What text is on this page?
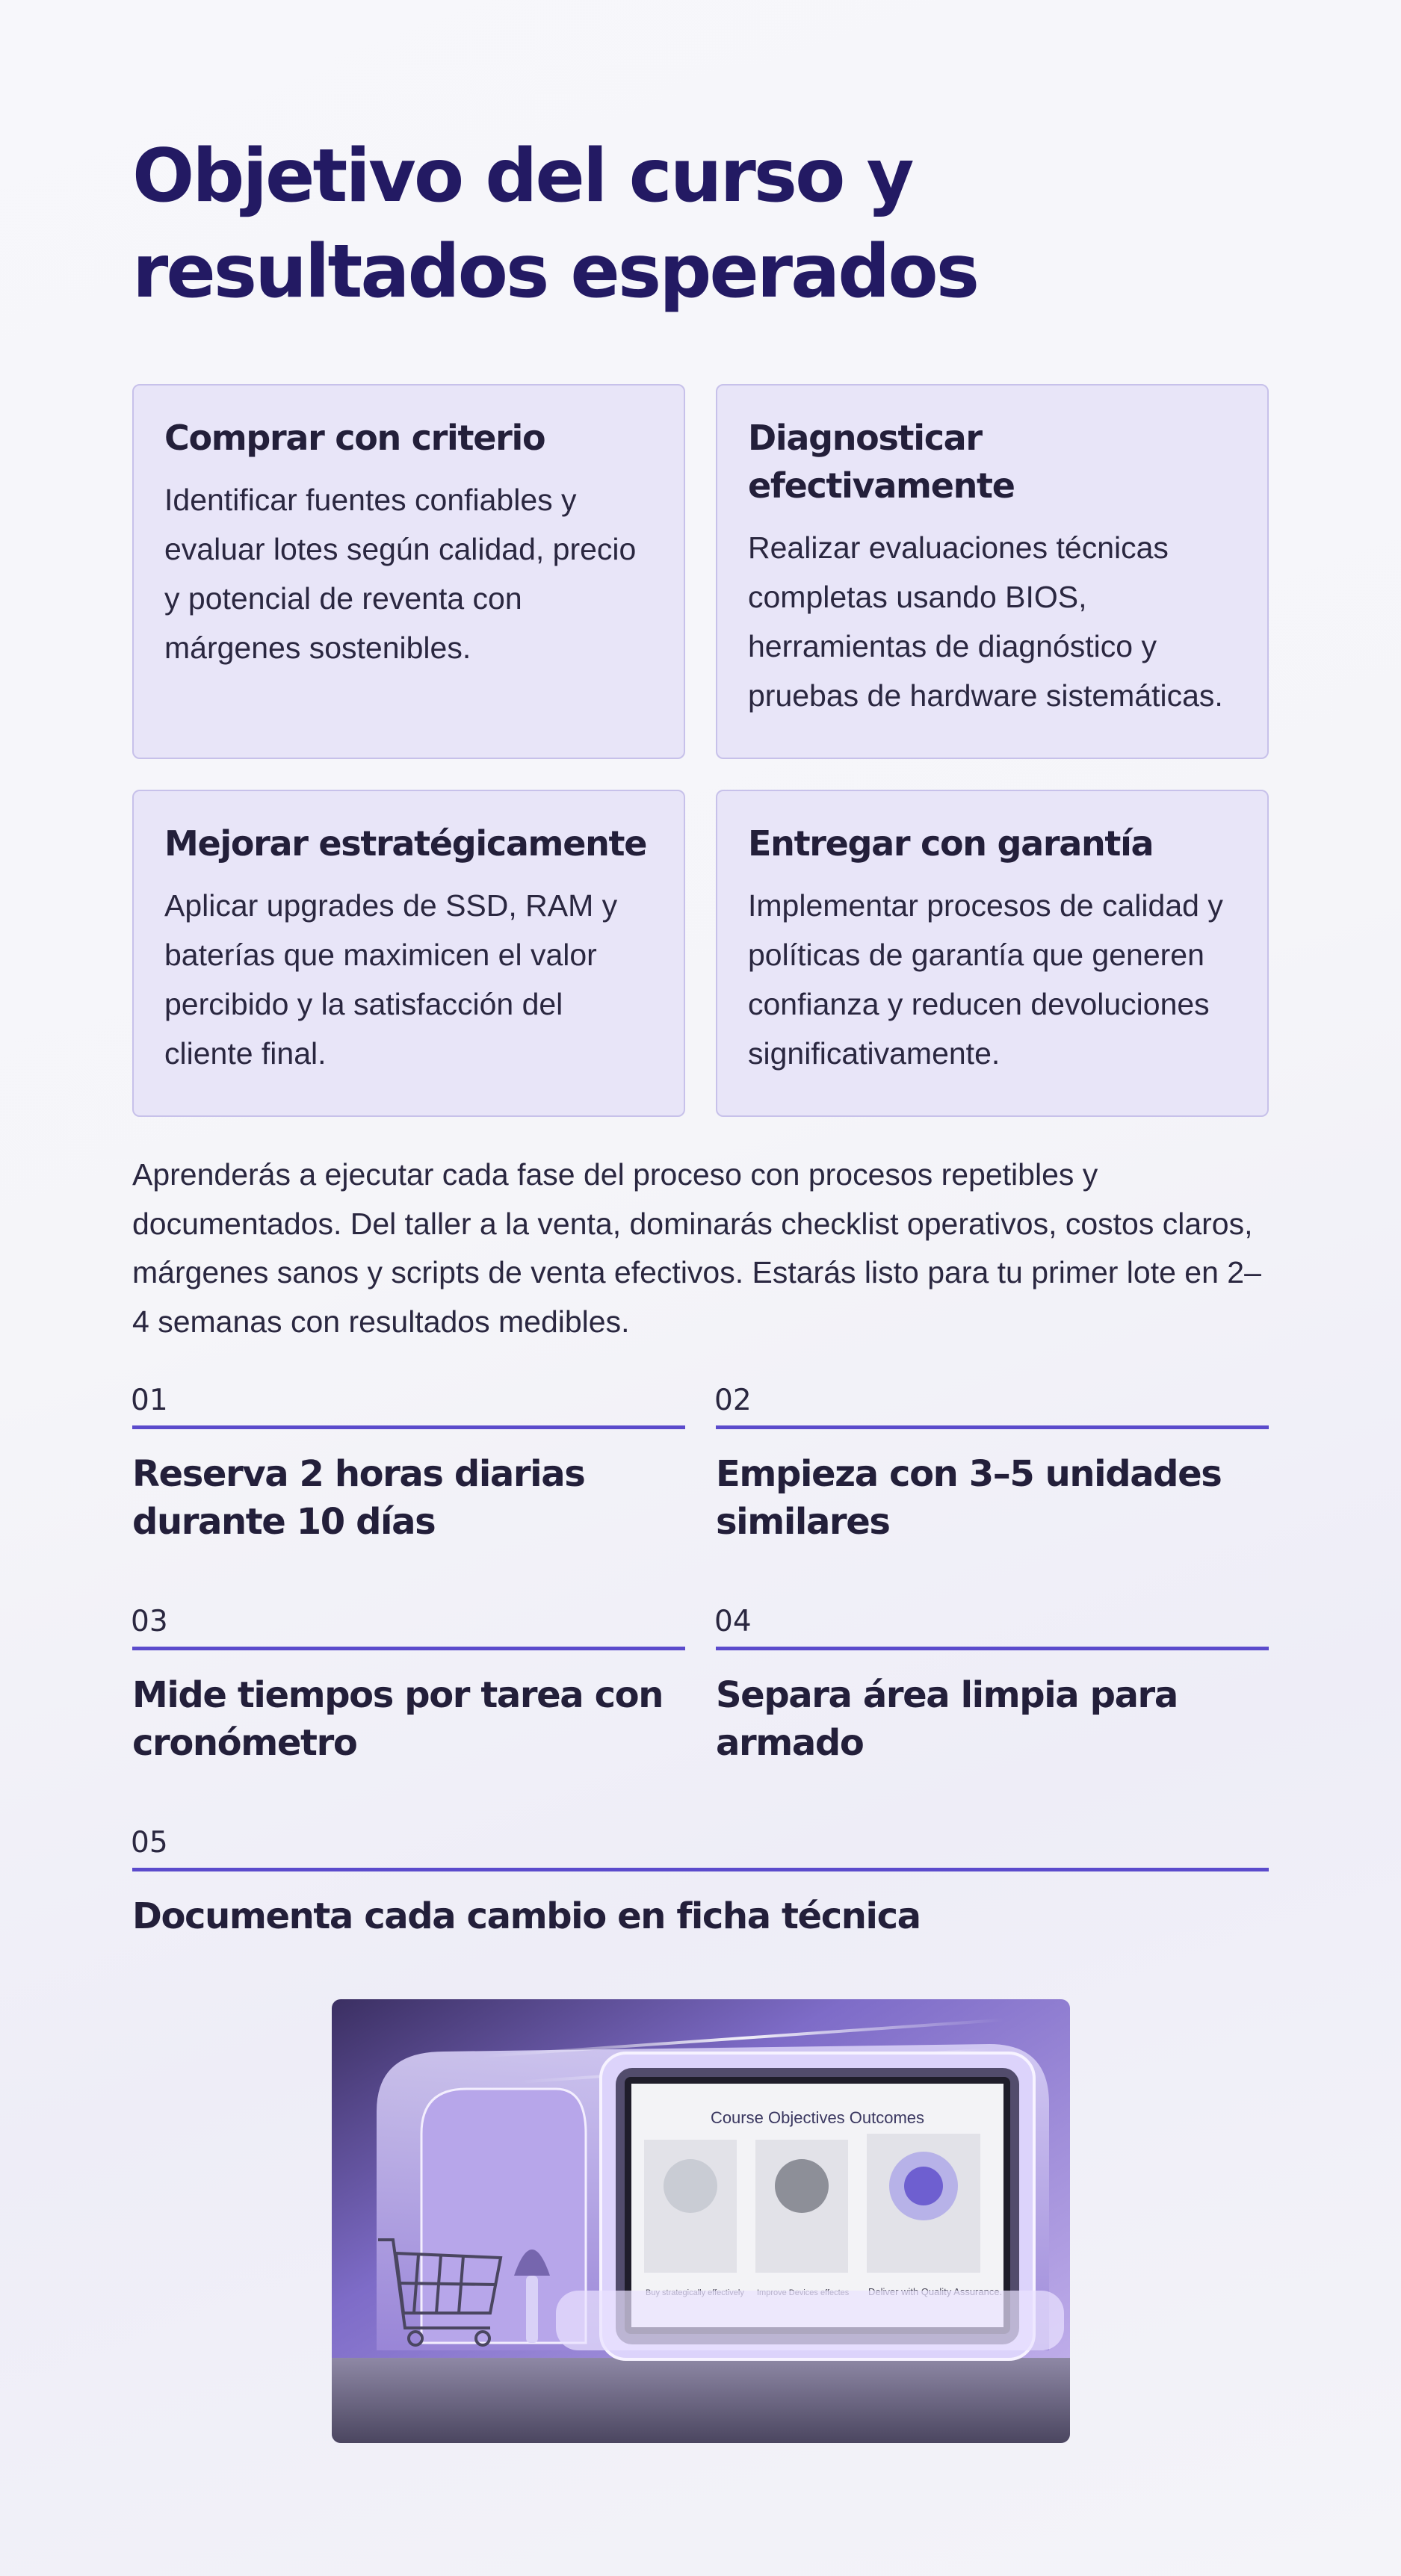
Objetivo del curso y resultados esperados
Comprar con criterio

Identificar fuentes confiables y evaluar lotes según calidad, precio y potencial de reventa con márgenes sostenibles.

Diagnosticar efectivamente

Realizar evaluaciones técnicas completas usando BIOS, herramientas de diagnóstico y pruebas de hardware sistemáticas.

Mejorar estratégicamente

Aplicar upgrades de SSD, RAM y baterías que maximicen el valor percibido y la satisfacción del cliente final.

Entregar con garantía

Implementar procesos de calidad y políticas de garantía que generen confianza y reducen devoluciones significativamente.

Aprenderás a ejecutar cada fase del proceso con procesos repetibles y documentados. Del taller a la venta, dominarás checklist operativos, costos claros, márgenes sanos y scripts de venta efectivos. Estarás listo para tu primer lote en 2–4 semanas con resultados medibles.

01
Reserva 2 horas diarias durante 10 días
02
Empieza con 3–5 unidades similares
03
Mide tiempos por tarea con cronómetro
04
Separa área limpia para armado
05
Documenta cada cambio en ficha técnica
Course Objectives Outcomes
